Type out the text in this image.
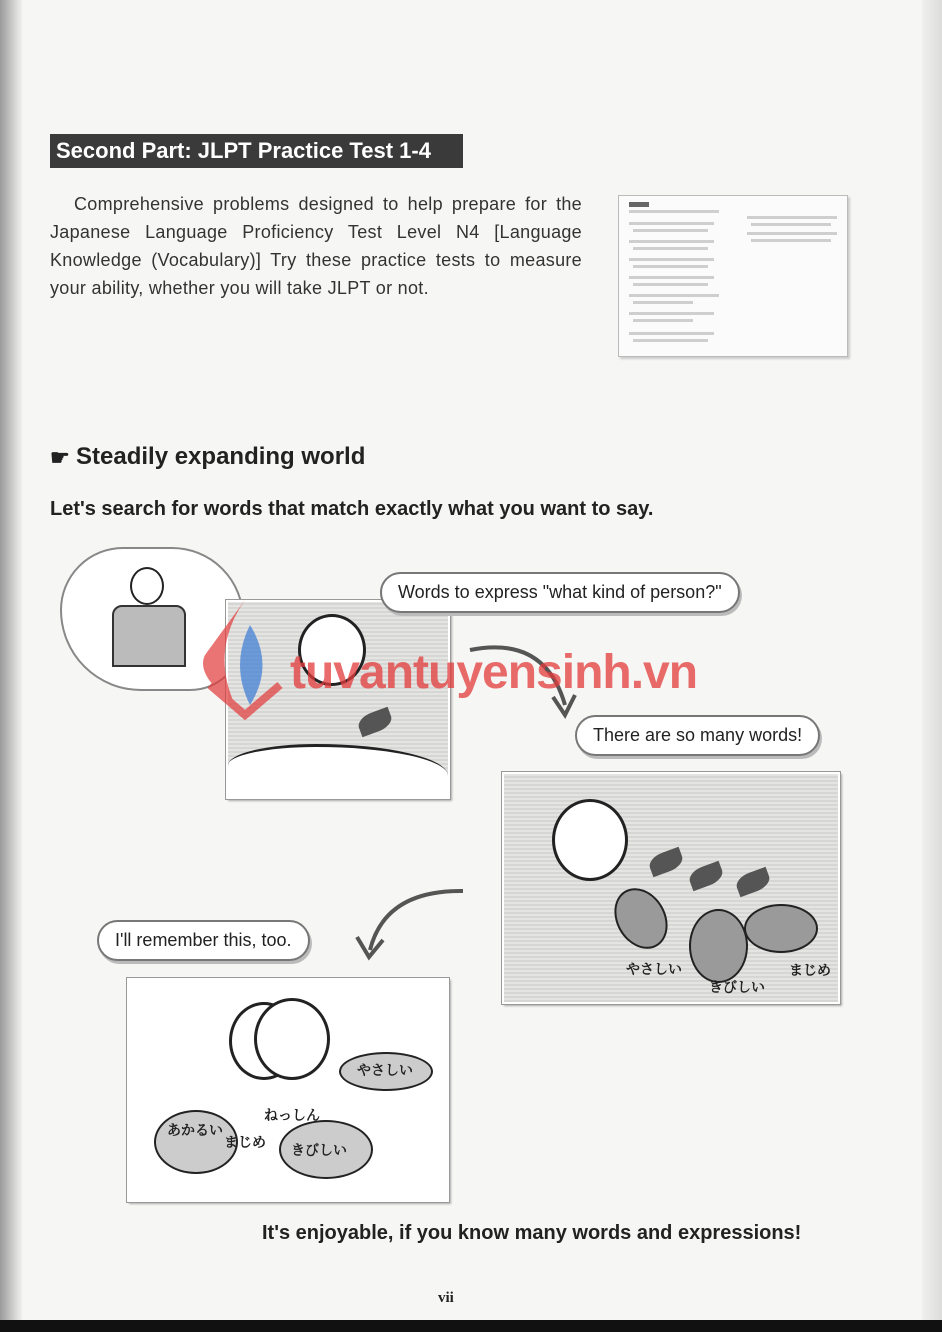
Second Part: JLPT Practice Test 1-4
Comprehensive problems designed to help prepare for the Japanese Language Proficiency Test Level N4 [Language Knowledge (Vocabulary)] Try these practice tests to measure your ability, whether you will take JLPT or not.
☛ Steadily expanding world
Let's search for words that match exactly what you want to say.
Words to express "what kind of person?"
There are so many words!
やさしい
きびしい
まじめ
I'll remember this, too.
やさしい
ねっしん
あかるい
まじめ きびしい
tuvantuyensinh.vn
It's enjoyable, if you know many words and expressions!
vii
